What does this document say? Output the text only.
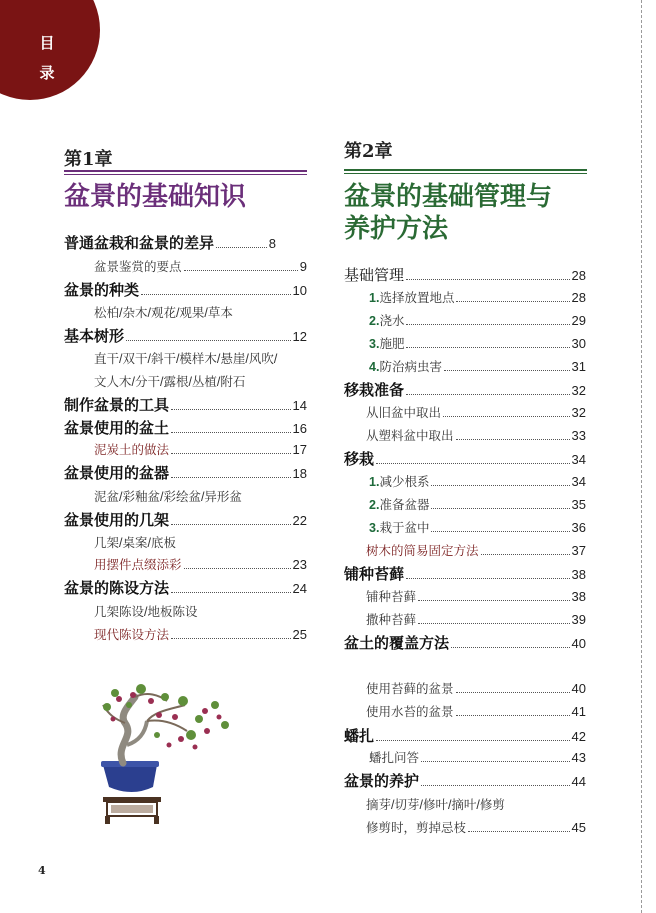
目
录
第1章
盆景的基础知识
普通盆栽和盆景的差异	8
盆景鉴赏的要点	9
盆景的种类	10
松柏/杂木/观花/观果/草本
基本树形	12
直干/双干/斜干/模样木/悬崖/风吹/
文人木/分干/露根/丛植/附石
制作盆景的工具	14
盆景使用的盆土	16
泥炭土的做法	17
盆景使用的盆器	18
泥盆/彩釉盆/彩绘盆/异形盆
盆景使用的几架	22
几架/桌案/底板
用摆件点缀添彩	23
盆景的陈设方法	24
几架陈设/地板陈设
现代陈设方法	25
第2章
盆景的基础管理与
养护方法
基础管理	28
1. 选择放置地点	28
2. 浇水	29
3. 施肥	30
4. 防治病虫害	31
移栽准备	32
从旧盆中取出	32
从塑料盆中取出	33
移栽	34
1. 减少根系	34
2. 准备盆器	35
3. 栽于盆中	36
树木的简易固定方法	37
铺种苔藓	38
铺种苔藓	38
撒种苔藓	39
盆土的覆盖方法	40
使用苔藓的盆景	40
使用水苔的盆景	41
蟠扎	42
蟠扎问答	43
盆景的养护	44
摘芽/切芽/修叶/摘叶/修剪
修剪时，剪掉忌枝	45
4
